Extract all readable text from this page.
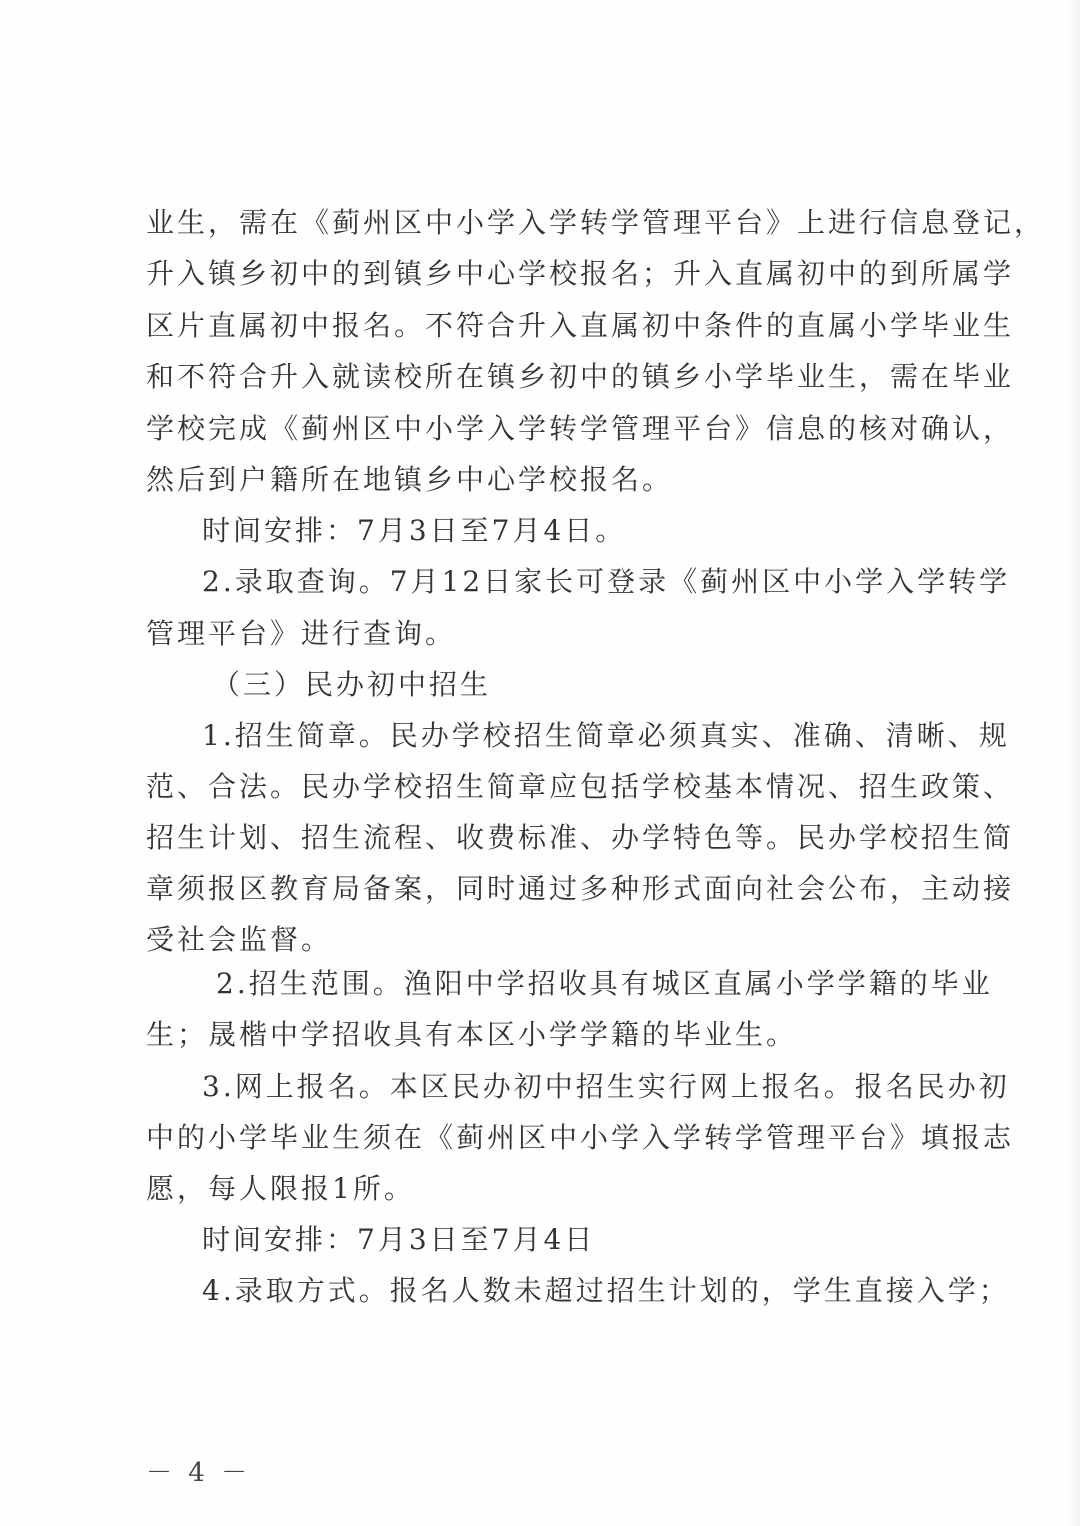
业生，需在《蓟州区中小学入学转学管理平台》上进行信息登记，
升入镇乡初中的到镇乡中心学校报名；升入直属初中的到所属学
区片直属初中报名。不符合升入直属初中条件的直属小学毕业生
和不符合升入就读校所在镇乡初中的镇乡小学毕业生，需在毕业
学校完成《蓟州区中小学入学转学管理平台》信息的核对确认，
然后到户籍所在地镇乡中心学校报名。
时间安排：7月3日至7月4日。
2.录取查询。7月12日家长可登录《蓟州区中小学入学转学
管理平台》进行查询。
（三）民办初中招生
1.招生简章。民办学校招生简章必须真实、准确、清晰、规
范、合法。民办学校招生简章应包括学校基本情况、招生政策、
招生计划、招生流程、收费标准、办学特色等。民办学校招生简
章须报区教育局备案，同时通过多种形式面向社会公布，主动接
受社会监督。
2.招生范围。渔阳中学招收具有城区直属小学学籍的毕业
生；晟楷中学招收具有本区小学学籍的毕业生。
3.网上报名。本区民办初中招生实行网上报名。报名民办初
中的小学毕业生须在《蓟州区中小学入学转学管理平台》填报志
愿，每人限报1所。
时间安排：7月3日至7月4日
4.录取方式。报名人数未超过招生计划的，学生直接入学；
－ 4 －
